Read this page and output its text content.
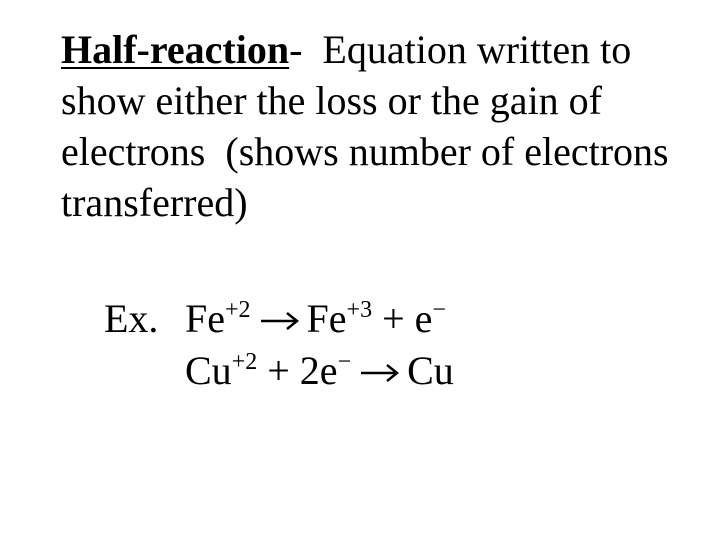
Half-reaction-  Equation written to show either the loss or the gain of electrons  (shows number of electrons transferred)
Ex. $Fe^{+2}$ $Fe^{+3} + e^-$
$Cu^{+2} + 2e^-$ Cu
